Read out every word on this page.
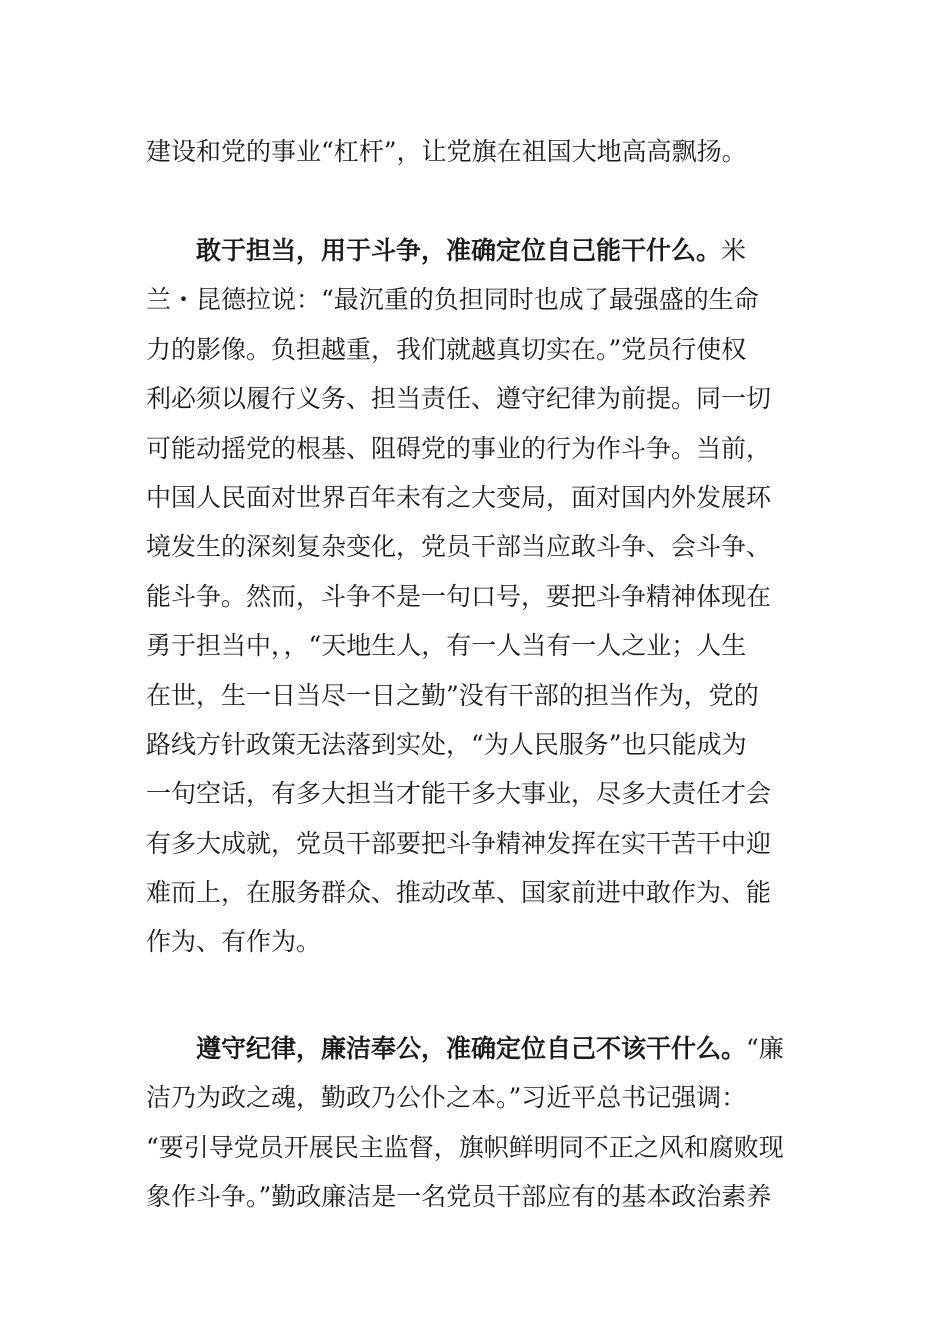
建设和党的事业“杠杆”，让党旗在祖国大地高高飘扬。
敢于担当，用于斗争，准确定位自己能干什么。米
兰・昆德拉说：“最沉重的负担同时也成了最强盛的生命
力的影像。负担越重，我们就越真切实在。”党员行使权
利必须以履行义务、担当责任、遵守纪律为前提。同一切
可能动摇党的根基、阻碍党的事业的行为作斗争。当前，
中国人民面对世界百年未有之大变局，面对国内外发展环
境发生的深刻复杂变化，党员干部当应敢斗争、会斗争、
能斗争。然而，斗争不是一句口号，要把斗争精神体现在
勇于担当中，，“天地生人，有一人当有一人之业；人生
在世，生一日当尽一日之勤”没有干部的担当作为，党的
路线方针政策无法落到实处，“为人民服务”也只能成为
一句空话，有多大担当才能干多大事业，尽多大责任才会
有多大成就，党员干部要把斗争精神发挥在实干苦干中迎
难而上，在服务群众、推动改革、国家前进中敢作为、能
作为、有作为。
遵守纪律，廉洁奉公，准确定位自己不该干什么。“廉
洁乃为政之魂，勤政乃公仆之本。”习近平总书记强调：
“要引导党员开展民主监督，旗帜鲜明同不正之风和腐败现
象作斗争。”勤政廉洁是一名党员干部应有的基本政治素养
